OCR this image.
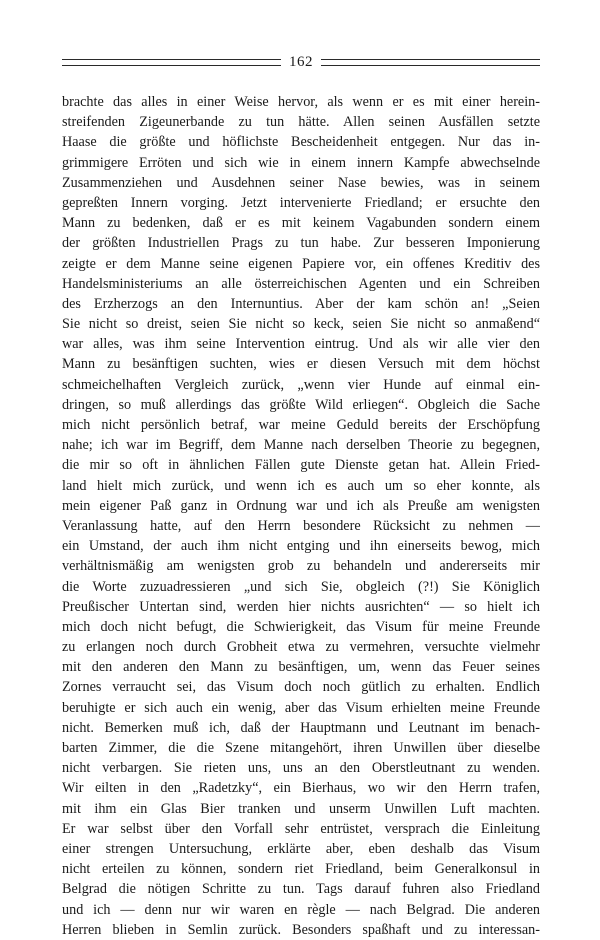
162
brachte das alles in einer Weise hervor, als wenn er es mit einer herein-
streifenden Zigeunerbande zu tun hätte. Allen seinen Ausfällen setzte
Haase die größte und höflichste Bescheidenheit entgegen. Nur das in-
grimmigere Erröten und sich wie in einem innern Kampfe abwechselnde
Zusammenziehen und Ausdehnen seiner Nase bewies, was in seinem
gepreßten Innern vorging. Jetzt intervenierte Friedland; er ersuchte den
Mann zu bedenken, daß er es mit keinem Vagabunden sondern einem
der größten Industriellen Prags zu tun habe. Zur besseren Imponierung
zeigte er dem Manne seine eigenen Papiere vor, ein offenes Kreditiv des
Handelsministeriums an alle österreichischen Agenten und ein Schreiben
des Erzherzogs an den Internuntius. Aber der kam schön an! „Seien
Sie nicht so dreist, seien Sie nicht so keck, seien Sie nicht so anmaßend“
war alles, was ihm seine Intervention eintrug. Und als wir alle vier den
Mann zu besänftigen suchten, wies er diesen Versuch mit dem höchst
schmeichelhaften Vergleich zurück, „wenn vier Hunde auf einmal ein-
dringen, so muß allerdings das größte Wild erliegen“. Obgleich die Sache
mich nicht persönlich betraf, war meine Geduld bereits der Erschöpfung
nahe; ich war im Begriff, dem Manne nach derselben Theorie zu begegnen,
die mir so oft in ähnlichen Fällen gute Dienste getan hat. Allein Fried-
land hielt mich zurück, und wenn ich es auch um so eher konnte, als
mein eigener Paß ganz in Ordnung war und ich als Preuße am wenigsten
Veranlassung hatte, auf den Herrn besondere Rücksicht zu nehmen —
ein Umstand, der auch ihm nicht entging und ihn einerseits bewog, mich
verhältnismäßig am wenigsten grob zu behandeln und andererseits mir
die Worte zuzuadressieren „und sich Sie, obgleich (?!) Sie Königlich
Preußischer Untertan sind, werden hier nichts ausrichten“ — so hielt ich
mich doch nicht befugt, die Schwierigkeit, das Visum für meine Freunde
zu erlangen noch durch Grobheit etwa zu vermehren, versuchte vielmehr
mit den anderen den Mann zu besänftigen, um, wenn das Feuer seines
Zornes verraucht sei, das Visum doch noch gütlich zu erhalten. Endlich
beruhigte er sich auch ein wenig, aber das Visum erhielten meine Freunde
nicht. Bemerken muß ich, daß der Hauptmann und Leutnant im benach-
barten Zimmer, die die Szene mitangehört, ihren Unwillen über dieselbe
nicht verbargen. Sie rieten uns, uns an den Oberstleutnant zu wenden.
Wir eilten in den „Radetzky“, ein Bierhaus, wo wir den Herrn trafen,
mit ihm ein Glas Bier tranken und unserm Unwillen Luft machten.
Er war selbst über den Vorfall sehr entrüstet, versprach die Einleitung
einer strengen Untersuchung, erklärte aber, eben deshalb das Visum
nicht erteilen zu können, sondern riet Friedland, beim Generalkonsul in
Belgrad die nötigen Schritte zu tun. Tags darauf fuhren also Friedland
und ich — denn nur wir waren en règle — nach Belgrad. Die anderen
Herren blieben in Semlin zurück. Besonders spaßhaft und zu interessan-
